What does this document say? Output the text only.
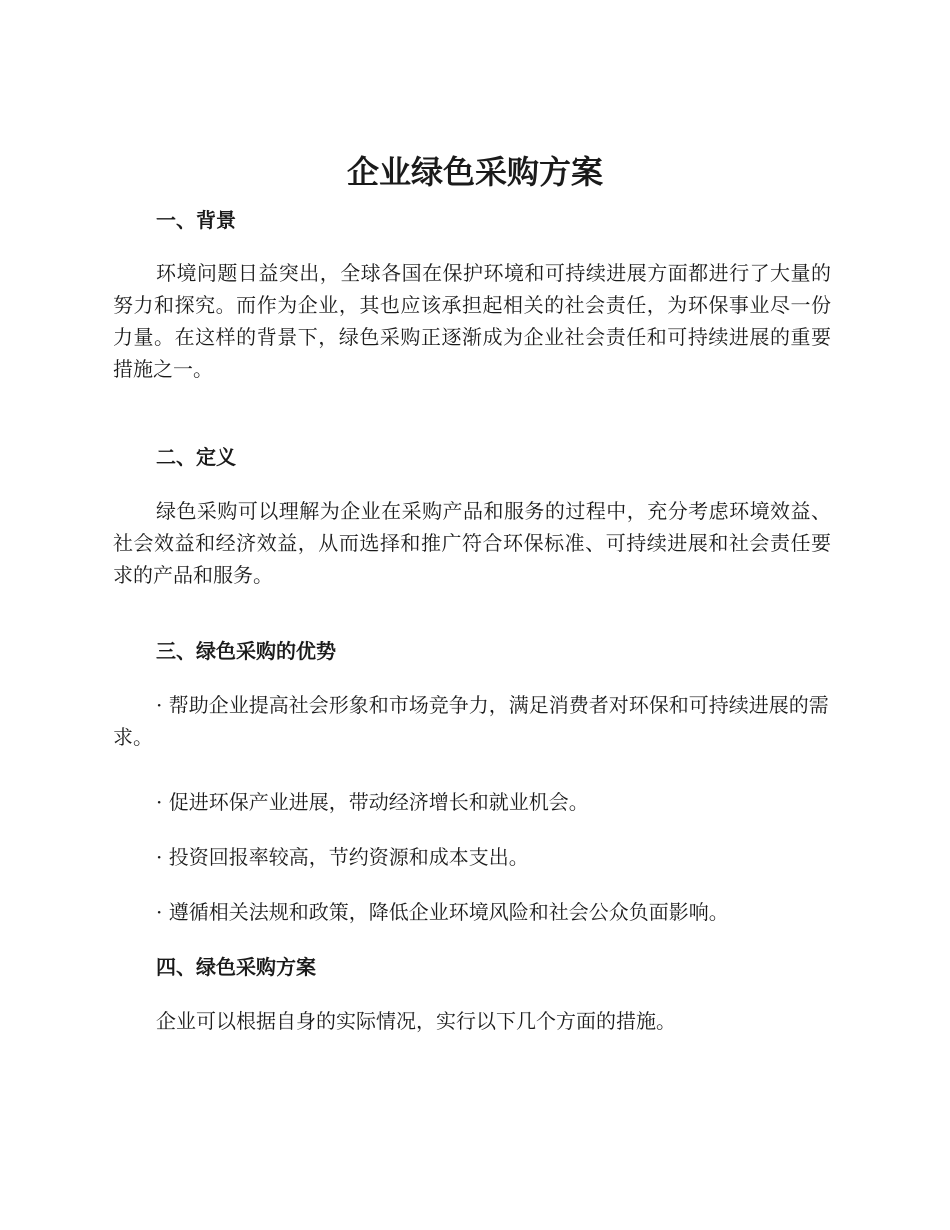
企业绿色采购方案
一、背景

环境问题日益突出，全球各国在保护环境和可持续进展方面都进行了大量的努力和探究。而作为企业，其也应该承担起相关的社会责任，为环保事业尽一份力量。在这样的背景下，绿色采购正逐渐成为企业社会责任和可持续进展的重要措施之一。

二、定义

绿色采购可以理解为企业在采购产品和服务的过程中，充分考虑环境效益、社会效益和经济效益，从而选择和推广符合环保标准、可持续进展和社会责任要求的产品和服务。

三、绿色采购的优势

· 帮助企业提高社会形象和市场竞争力，满足消费者对环保和可持续进展的需求。

· 促进环保产业进展，带动经济增长和就业机会。

· 投资回报率较高，节约资源和成本支出。

· 遵循相关法规和政策，降低企业环境风险和社会公众负面影响。

四、绿色采购方案

企业可以根据自身的实际情况，实行以下几个方面的措施。
